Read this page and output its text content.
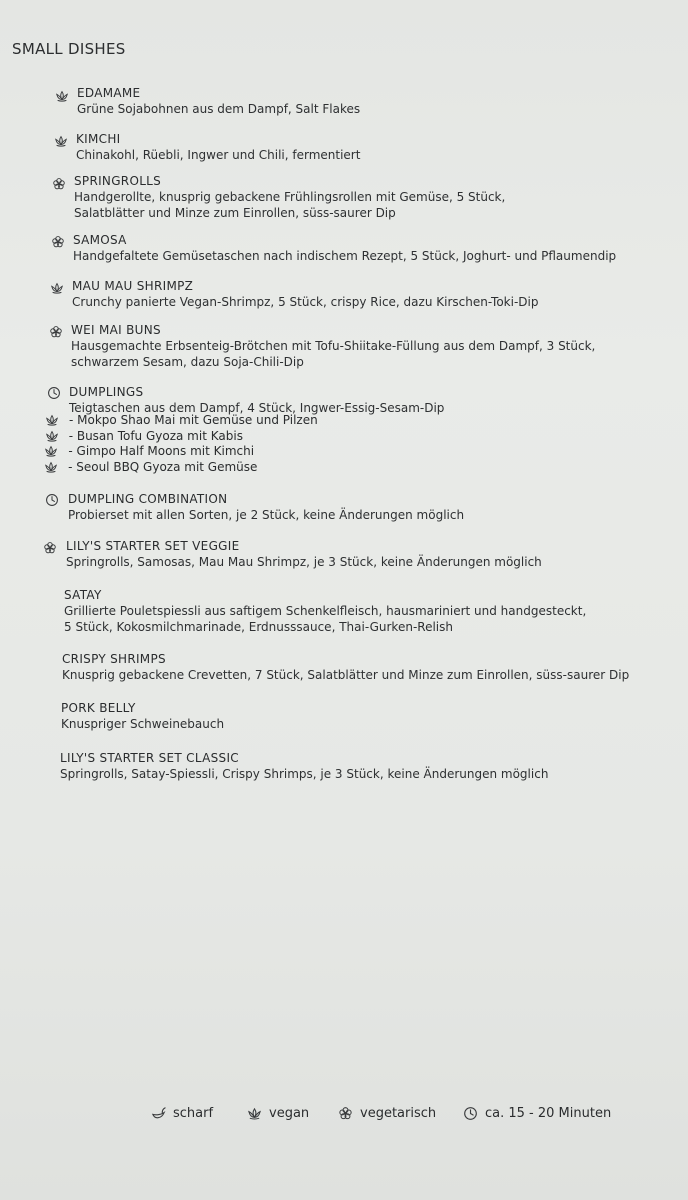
SMALL DISHES
EDAMAME
Grüne Sojabohnen aus dem Dampf, Salt Flakes
KIMCHI
Chinakohl, Rüebli, Ingwer und Chili, fermentiert
SPRINGROLLS
Handgerollte, knusprig gebackene Frühlingsrollen mit Gemüse, 5 Stück,
Salatblätter und Minze zum Einrollen, süss-saurer Dip
SAMOSA
Handgefaltete Gemüsetaschen nach indischem Rezept, 5 Stück, Joghurt- und Pflaumendip
MAU MAU SHRIMPZ
Crunchy panierte Vegan-Shrimpz, 5 Stück, crispy Rice, dazu Kirschen-Toki-Dip
WEI MAI BUNS
Hausgemachte Erbsenteig-Brötchen mit Tofu-Shiitake-Füllung aus dem Dampf, 3 Stück,
schwarzem Sesam, dazu Soja-Chili-Dip
DUMPLINGS
Teigtaschen aus dem Dampf, 4 Stück, Ingwer-Essig-Sesam-Dip
- Mokpo Shao Mai mit Gemüse und Pilzen
- Busan Tofu Gyoza mit Kabis
- Gimpo Half Moons mit Kimchi
- Seoul BBQ Gyoza mit Gemüse
DUMPLING COMBINATION
Probierset mit allen Sorten, je 2 Stück, keine Änderungen möglich
LILY'S STARTER SET VEGGIE
Springrolls, Samosas, Mau Mau Shrimpz, je 3 Stück, keine Änderungen möglich
SATAY
Grillierte Pouletspiessli aus saftigem Schenkelfleisch, hausmariniert und handgesteckt,
5 Stück, Kokosmilchmarinade, Erdnusssauce, Thai-Gurken-Relish
CRISPY SHRIMPS
Knusprig gebackene Crevetten, 7 Stück, Salatblätter und Minze zum Einrollen, süss-saurer Dip
PORK BELLY
Knuspriger Schweinebauch
LILY'S STARTER SET CLASSIC
Springrolls, Satay-Spiessli, Crispy Shrimps, je 3 Stück, keine Änderungen möglich
scharf	vegan	vegetarisch	ca. 15 - 20 Minuten
